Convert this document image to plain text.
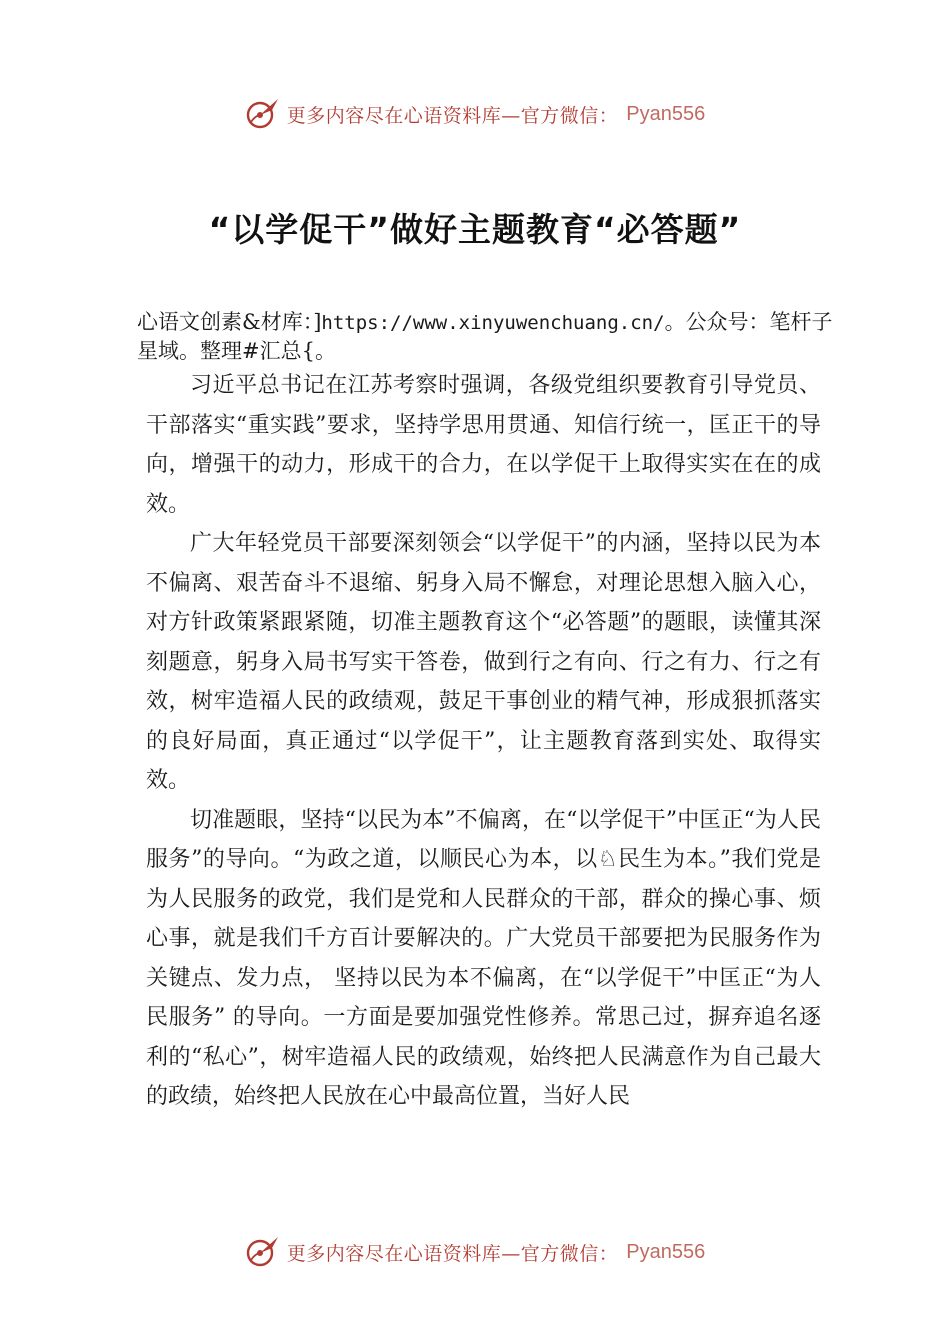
更多内容尽在心语资料库—官方微信： Pyan556
“以学促干”做好主题教育“必答题”
心语文创素&材库：]https://www.xinyuwenchuang.cn/。公众号：笔杆子星域。整理#汇总{。

习近平总书记在江苏考察时强调，各级党组织要教育引导党员、干部落实“重实践”要求，坚持学思用贯通、知信行统一，匡正干的导向，增强干的动力，形成干的合力，在以学促干上取得实实在在的成效。

广大年轻党员干部要深刻领会“以学促干”的内涵，坚持以民为本不偏离、艰苦奋斗不退缩、躬身入局不懈怠，对理论思想入脑入心，对方针政策紧跟紧随，切准主题教育这个“必答题”的题眼，读懂其深刻题意，躬身入局书写实干答卷，做到行之有向、行之有力、行之有效，树牢造福人民的政绩观，鼓足干事创业的精气神，形成狠抓落实的良好局面，真正通过“以学促干”，让主题教育落到实处、取得实效。

切准题眼，坚持“以民为本”不偏离，在“以学促干”中匡正“为人民服务”的导向。“为政之道，以顺民心为本，以♘民生为本。”我们党是为人民服务的政党，我们是党和人民群众的干部，群众的操心事、烦心事，就是我们千方百计要解决的。广大党员干部要把为民服务作为关键点、发力点， 坚持以民为本不偏离，在“以学促干”中匡正“为人民服务” 的导向。一方面是要加强党性修养。常思己过，摒弃追名逐利的“私心”，树牢造福人民的政绩观，始终把人民满意作为自己最大的政绩，始终把人民放在心中最高位置，当好人民

更多内容尽在心语资料库—官方微信： Pyan556
